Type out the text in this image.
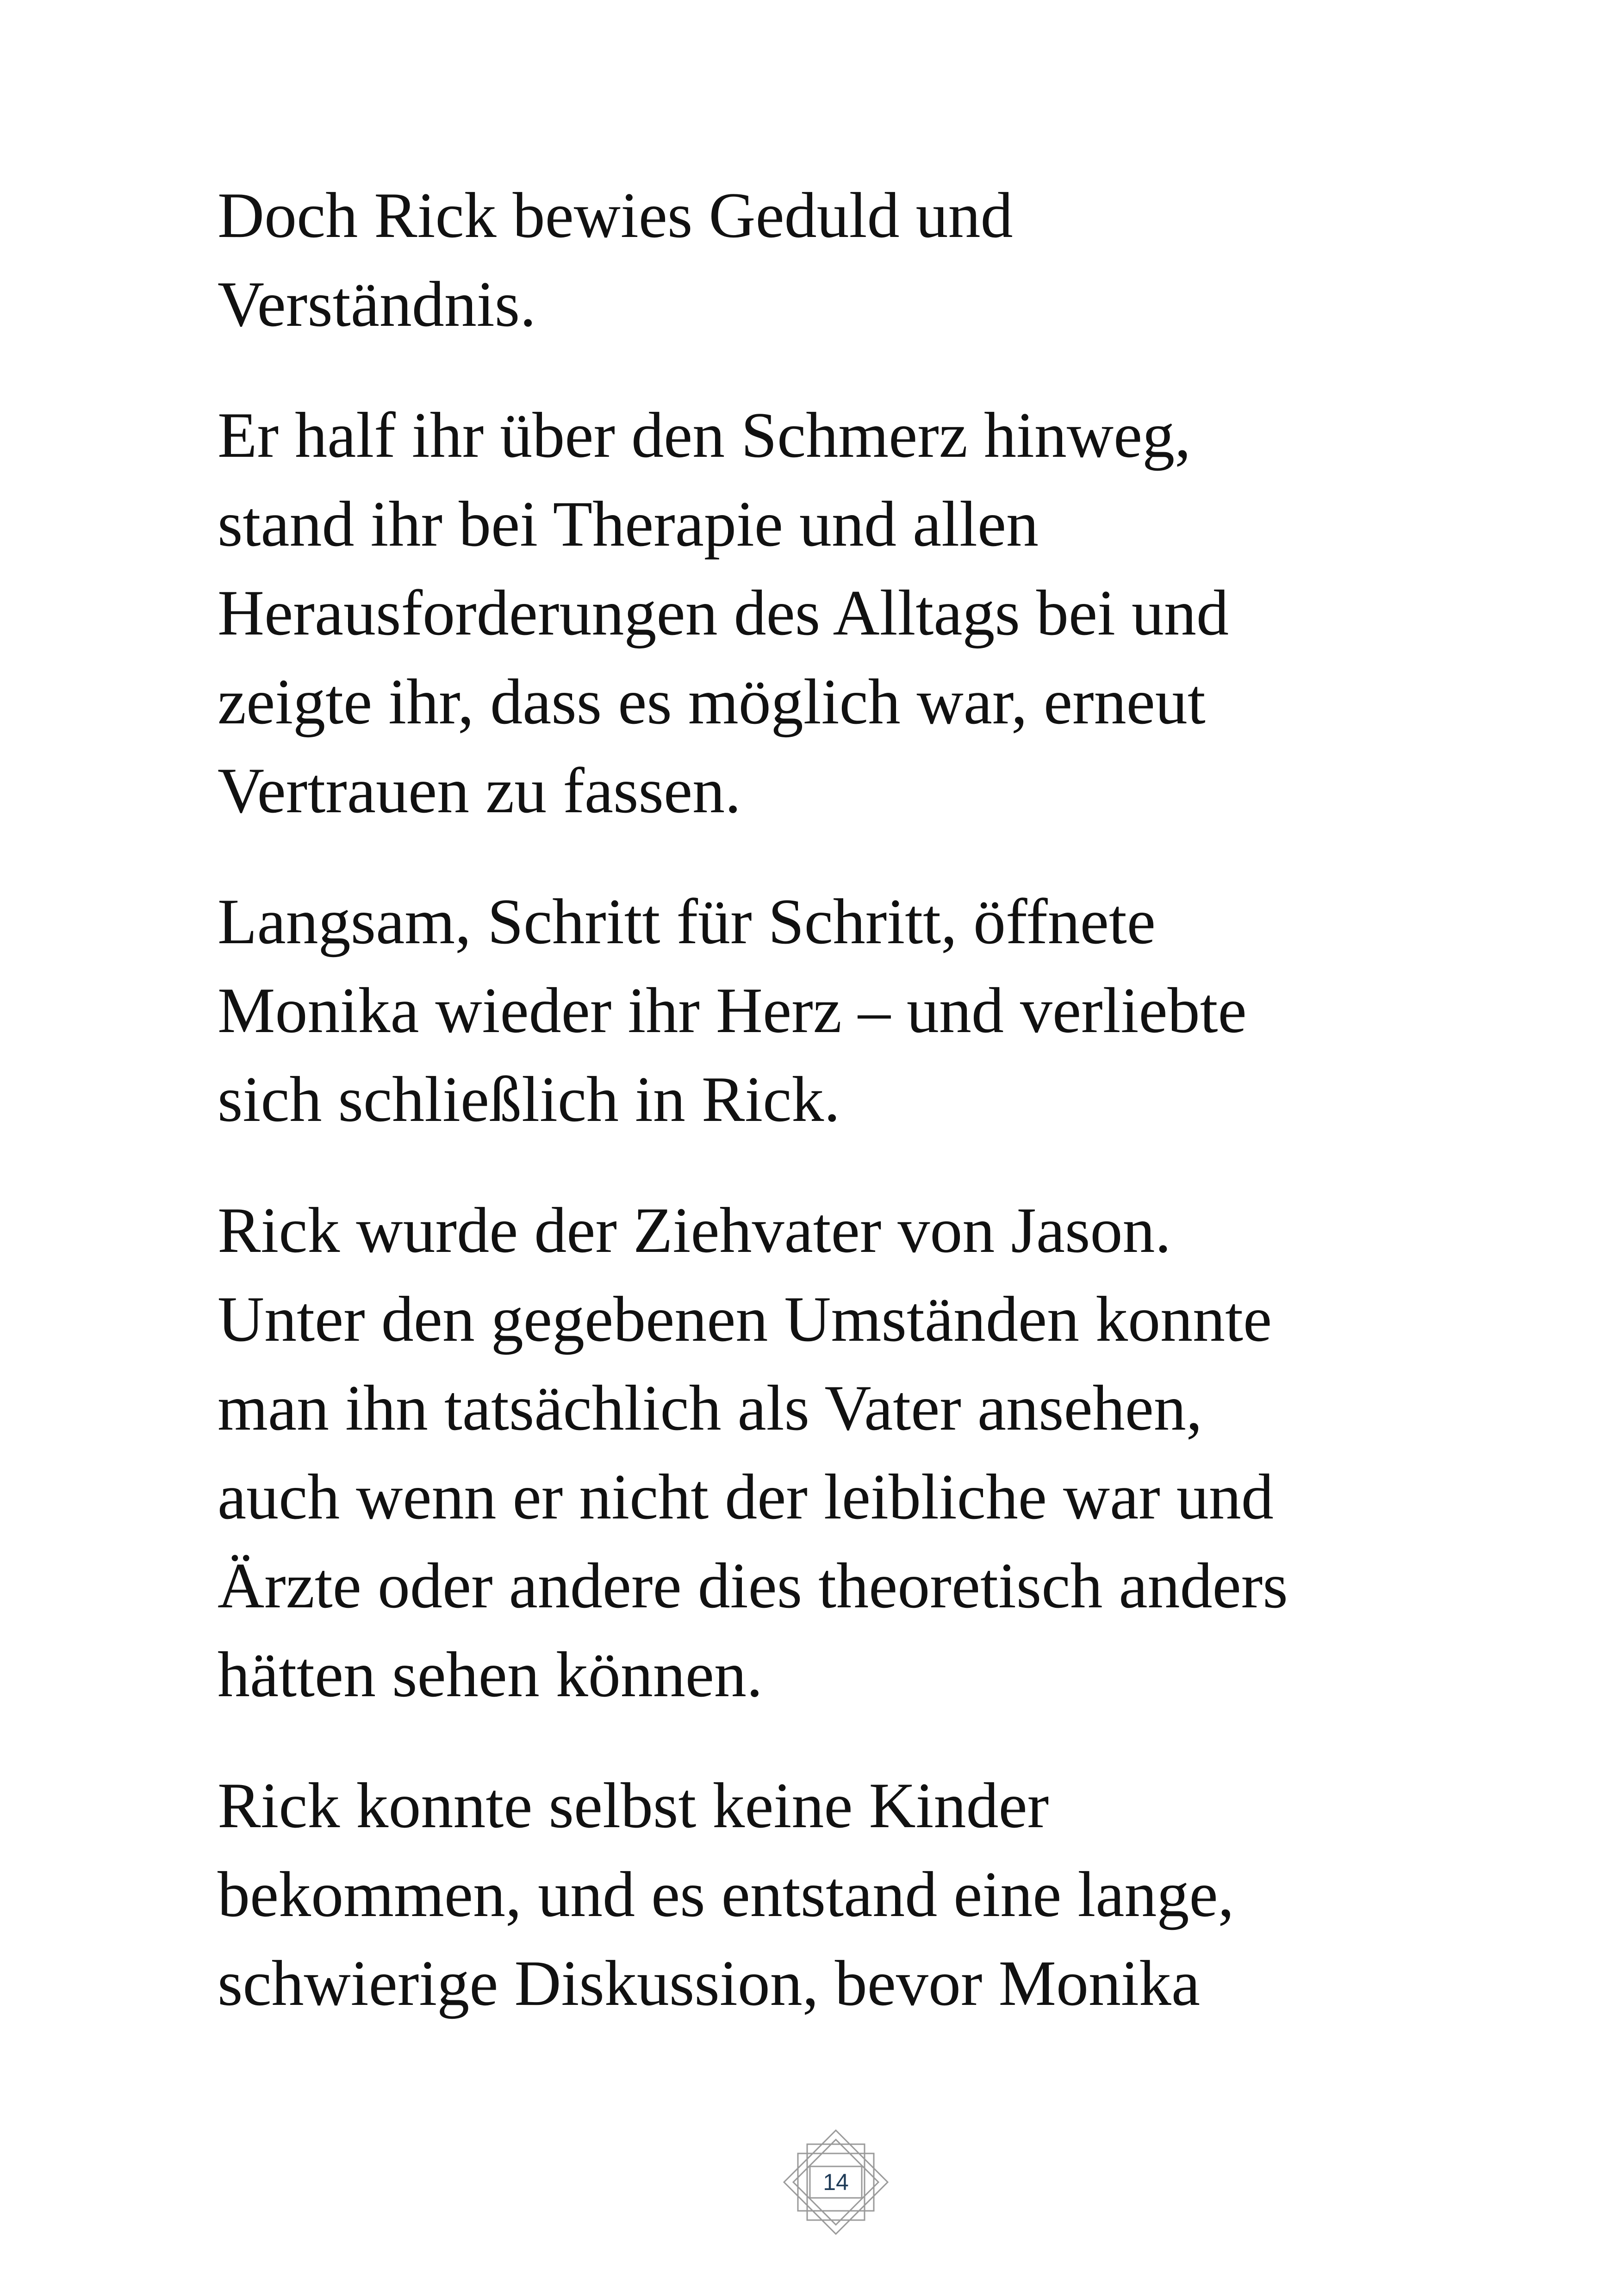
Doch Rick bewies Geduld und
Verständnis.

Er half ihr über den Schmerz hinweg,
stand ihr bei Therapie und allen
Herausforderungen des Alltags bei und
zeigte ihr, dass es möglich war, erneut
Vertrauen zu fassen.

Langsam, Schritt für Schritt, öffnete
Monika wieder ihr Herz – und verliebte
sich schließlich in Rick.

Rick wurde der Ziehvater von Jason.
Unter den gegebenen Umständen konnte
man ihn tatsächlich als Vater ansehen,
auch wenn er nicht der leibliche war und
Ärzte oder andere dies theoretisch anders
hätten sehen können.

Rick konnte selbst keine Kinder
bekommen, und es entstand eine lange,
schwierige Diskussion, bevor Monika

14
